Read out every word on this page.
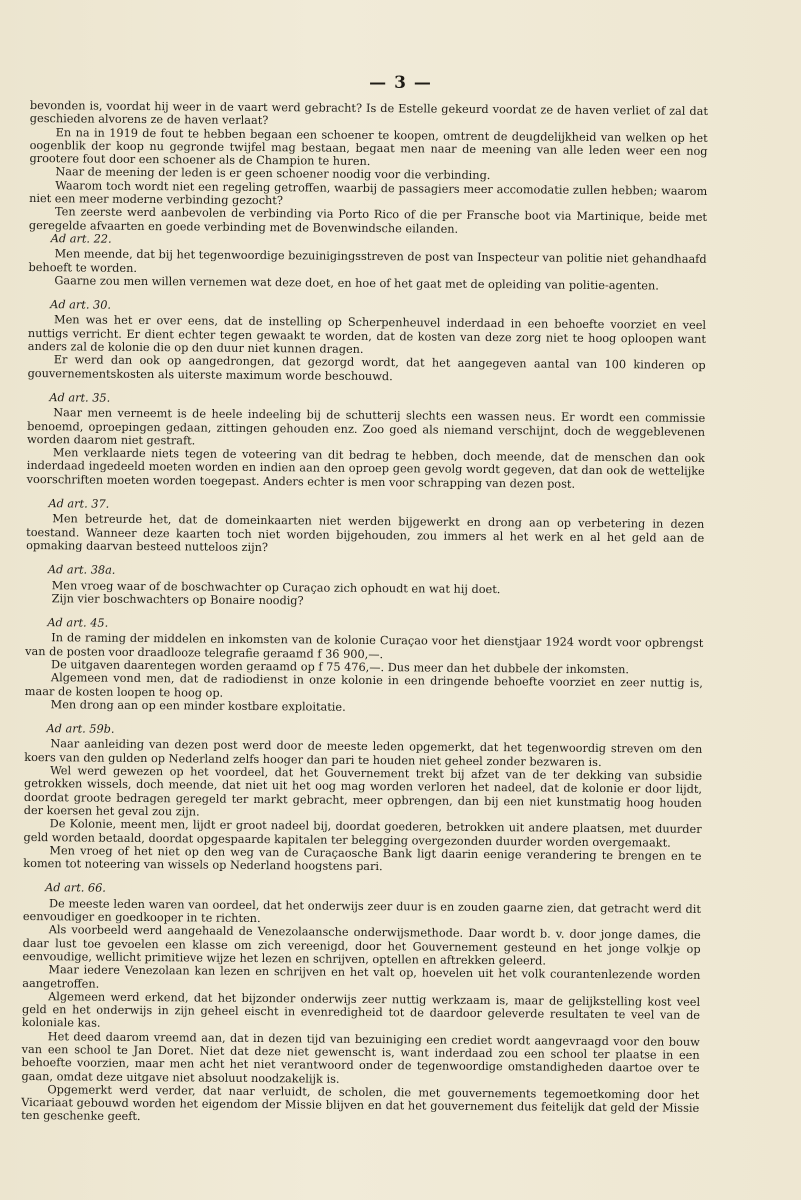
— 3 —

bevonden is, voordat hij weer in de vaart werd gebracht? Is de Estelle gekeurd voordat ze de haven verliet of zal dat geschieden alvorens ze de haven verlaat?

En na in 1919 de fout te hebben begaan een schoener te koopen, omtrent de deugdelijkheid van welken op het oogenblik der koop nu gegronde twijfel mag bestaan, begaat men naar de meening van alle leden weer een nog grootere fout door een schoener als de Champion te huren.

Naar de meening der leden is er geen schoener noodig voor die verbinding.

Waarom toch wordt niet een regeling getroffen, waarbij de passagiers meer accomodatie zullen hebben; waarom niet een meer moderne verbinding gezocht?

Ten zeerste werd aanbevolen de verbinding via Porto Rico of die per Fransche boot via Martinique, beide met geregelde afvaarten en goede verbinding met de Bovenwindsche eilanden.

Ad art. 22.

Men meende, dat bij het tegenwoordige bezuinigingsstreven de post van Inspecteur van politie niet gehandhaafd behoeft te worden.

Gaarne zou men willen vernemen wat deze doet, en hoe of het gaat met de opleiding van politie-agenten.

Ad art. 30.

Men was het er over eens, dat de instelling op Scherpenheuvel inderdaad in een behoefte voorziet en veel nuttigs verricht. Er dient echter tegen gewaakt te worden, dat de kosten van deze zorg niet te hoog oploopen want anders zal de kolonie die op den duur niet kunnen dragen.

Er werd dan ook op aangedrongen, dat gezorgd wordt, dat het aangegeven aantal van 100 kinderen op gouvernementskosten als uiterste maximum worde beschouwd.

Ad art. 35.

Naar men verneemt is de heele indeeling bij de schutterij slechts een wassen neus. Er wordt een commissie benoemd, oproepingen gedaan, zittingen gehouden enz. Zoo goed als niemand verschijnt, doch de weggeblevenen worden daarom niet gestraft.

Men verklaarde niets tegen de voteering van dit bedrag te hebben, doch meende, dat de menschen dan ook inderdaad ingedeeld moeten worden en indien aan den oproep geen gevolg wordt gegeven, dat dan ook de wettelijke voorschriften moeten worden toegepast. Anders echter is men voor schrapping van dezen post.

Ad art. 37.

Men betreurde het, dat de domeinkaarten niet werden bijgewerkt en drong aan op verbetering in dezen toestand. Wanneer deze kaarten toch niet worden bijgehouden, zou immers al het werk en al het geld aan de opmaking daarvan besteed nutteloos zijn?

Ad art. 38a.

Men vroeg waar of de boschwachter op Curaçao zich ophoudt en wat hij doet.

Zijn vier boschwachters op Bonaire noodig?

Ad art. 45.

In de raming der middelen en inkomsten van de kolonie Curaçao voor het dienstjaar 1924 wordt voor opbrengst van de posten voor draadlooze telegrafie geraamd f 36 900,—.

De uitgaven daarentegen worden geraamd op f 75 476,—. Dus meer dan het dubbele der inkomsten.

Algemeen vond men, dat de radiodienst in onze kolonie in een dringende behoefte voorziet en zeer nuttig is, maar de kosten loopen te hoog op.

Men drong aan op een minder kostbare exploitatie.

Ad art. 59b.

Naar aanleiding van dezen post werd door de meeste leden opgemerkt, dat het tegenwoordig streven om den koers van den gulden op Nederland zelfs hooger dan pari te houden niet geheel zonder bezwaren is.

Wel werd gewezen op het voordeel, dat het Gouvernement trekt bij afzet van de ter dekking van subsidie getrokken wissels, doch meende, dat niet uit het oog mag worden verloren het nadeel, dat de kolonie er door lijdt, doordat groote bedragen geregeld ter markt gebracht, meer opbrengen, dan bij een niet kunstmatig hoog houden der koersen het geval zou zijn.

De Kolonie, meent men, lijdt er groot nadeel bij, doordat goederen, betrokken uit andere plaatsen, met duurder geld worden betaald, doordat opgespaarde kapitalen ter belegging overgezonden duurder worden overgemaakt.

Men vroeg of het niet op den weg van de Curaçaosche Bank ligt daarin eenige verandering te brengen en te komen tot noteering van wissels op Nederland hoogstens pari.

Ad art. 66.

De meeste leden waren van oordeel, dat het onderwijs zeer duur is en zouden gaarne zien, dat getracht werd dit eenvoudiger en goedkooper in te richten.

Als voorbeeld werd aangehaald de Venezolaansche onderwijsmethode. Daar wordt b. v. door jonge dames, die daar lust toe gevoelen een klasse om zich vereenigd, door het Gouvernement gesteund en het jonge volkje op eenvoudige, wellicht primitieve wijze het lezen en schrijven, optellen en aftrekken geleerd.

Maar iedere Venezolaan kan lezen en schrijven en het valt op, hoevelen uit het volk courantenlezende worden aangetroffen.

Algemeen werd erkend, dat het bijzonder onderwijs zeer nuttig werkzaam is, maar de gelijkstelling kost veel geld en het onderwijs in zijn geheel eischt in evenredigheid tot de daardoor geleverde resultaten te veel van de koloniale kas.

Het deed daarom vreemd aan, dat in dezen tijd van bezuiniging een crediet wordt aangevraagd voor den bouw van een school te Jan Doret. Niet dat deze niet gewenscht is, want inderdaad zou een school ter plaatse in een behoefte voorzien, maar men acht het niet verantwoord onder de tegenwoordige omstandigheden daartoe over te gaan, omdat deze uitgave niet absoluut noodzakelijk is.

Opgemerkt werd verder, dat naar verluidt, de scholen, die met gouvernements tegemoetkoming door het Vicariaat gebouwd worden het eigendom der Missie blijven en dat het gouvernement dus feitelijk dat geld der Missie ten geschenke geeft.
